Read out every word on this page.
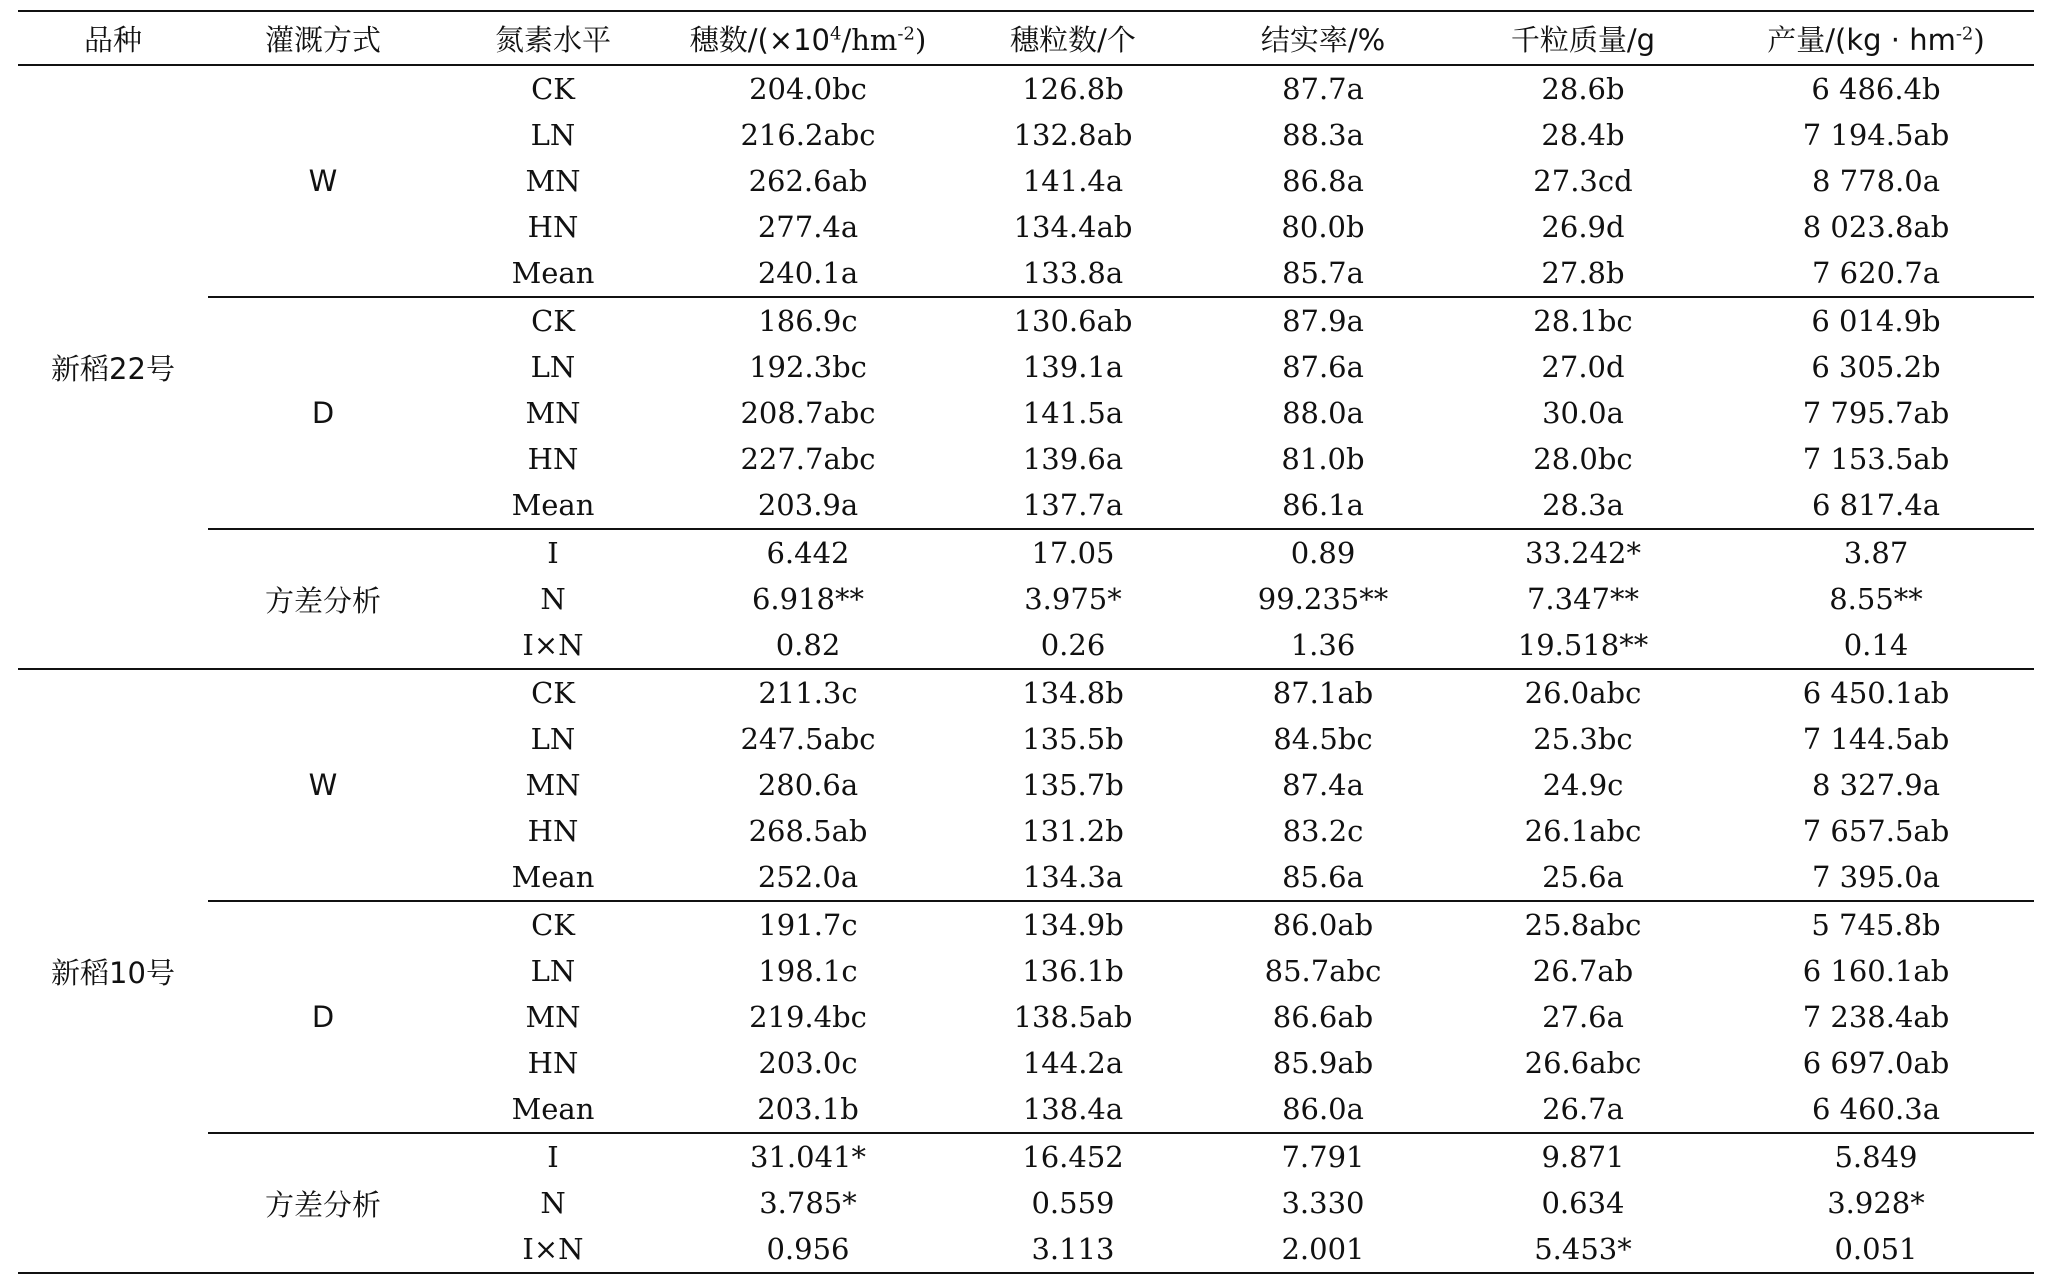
品种	灌溉方式	氮素水平	穗数$/(\times 10^4/hm^{-2})$	穗粒数/个	结实率/%	千粒质量/g	产量$/(kg \cdot hm^{-2})$
新稻22号	W	CK	204.0bc	126.8b	87.7a	28.6b	6 486.4b
		LN	216.2abc	132.8ab	88.3a	28.4b	7 194.5ab
		MN	262.6ab	141.4a	86.8a	27.3cd	8 778.0a
		HN	277.4a	134.4ab	80.0b	26.9d	8 023.8ab
		Mean	240.1a	133.8a	85.7a	27.8b	7 620.7a
	D	CK	186.9c	130.6ab	87.9a	28.1bc	6 014.9b
		LN	192.3bc	139.1a	87.6a	27.0d	6 305.2b
		MN	208.7abc	141.5a	88.0a	30.0a	7 795.7ab
		HN	227.7abc	139.6a	81.0b	28.0bc	7 153.5ab
		Mean	203.9a	137.7a	86.1a	28.3a	6 817.4a
	方差分析	I	6.442	17.05	0.89	33.242*	3.87
		N	6.918**	3.975*	99.235**	7.347**	8.55**
		I×N	0.82	0.26	1.36	19.518**	0.14
新稻10号	W	CK	211.3c	134.8b	87.1ab	26.0abc	6 450.1ab
		LN	247.5abc	135.5b	84.5bc	25.3bc	7 144.5ab
		MN	280.6a	135.7b	87.4a	24.9c	8 327.9a
		HN	268.5ab	131.2b	83.2c	26.1abc	7 657.5ab
		Mean	252.0a	134.3a	85.6a	25.6a	7 395.0a
	D	CK	191.7c	134.9b	86.0ab	25.8abc	5 745.8b
		LN	198.1c	136.1b	85.7abc	26.7ab	6 160.1ab
		MN	219.4bc	138.5ab	86.6ab	27.6a	7 238.4ab
		HN	203.0c	144.2a	85.9ab	26.6abc	6 697.0ab
		Mean	203.1b	138.4a	86.0a	26.7a	6 460.3a
	方差分析	I	31.041*	16.452	7.791	9.871	5.849
		N	3.785*	0.559	3.330	0.634	3.928*
		I×N	0.956	3.113	2.001	5.453*	0.051
